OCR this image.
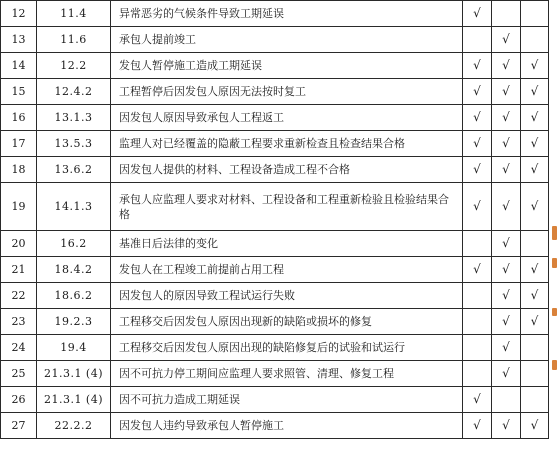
12	11.4	异常恶劣的气候条件导致工期延误	√		
13	11.6	承包人提前竣工		√	
14	12.2	发包人暂停施工造成工期延误	√	√	√
15	12.4.2	工程暂停后因发包人原因无法按时复工	√	√	√
16	13.1.3	因发包人原因导致承包人工程返工	√	√	√
17	13.5.3	监理人对已经覆盖的隐蔽工程要求重新检查且检查结果合格	√	√	√
18	13.6.2	因发包人提供的材料、工程设备造成工程不合格	√	√	√
19	14.1.3	承包人应监理人要求对材料、工程设备和工程重新检验且检验结果合格	√	√	√
20	16.2	基准日后法律的变化		√	
21	18.4.2	发包人在工程竣工前提前占用工程	√	√	√
22	18.6.2	因发包人的原因导致工程试运行失败		√	√
23	19.2.3	工程移交后因发包人原因出现新的缺陷或损坏的修复		√	√
24	19.4	工程移交后因发包人原因出现的缺陷修复后的试验和试运行		√	
25	21.3.1 (4)	因不可抗力停工期间应监理人要求照管、清理、修复工程		√	
26	21.3.1 (4)	因不可抗力造成工期延误	√		
27	22.2.2	因发包人违约导致承包人暂停施工	√	√	√
